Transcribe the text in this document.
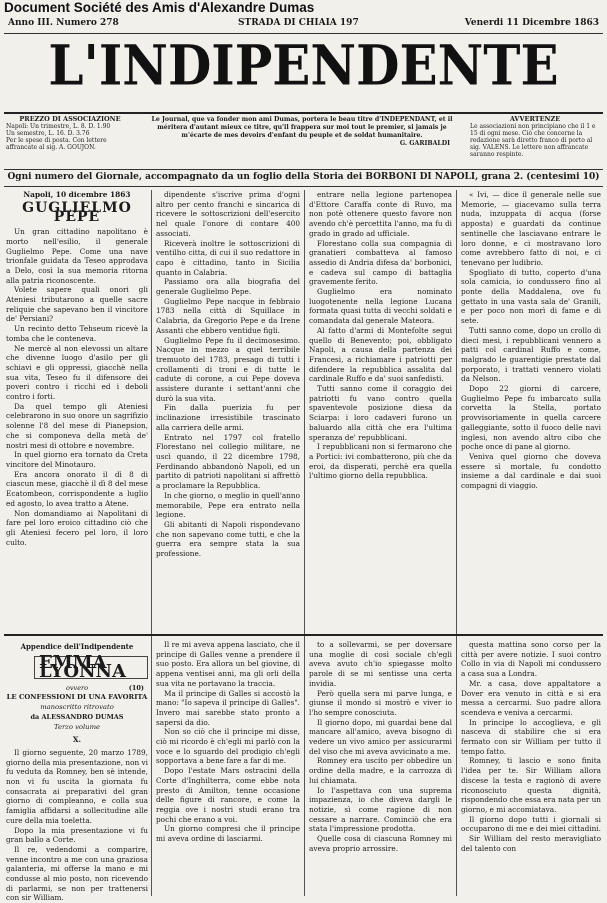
Document Société des Amis d'Alexandre Dumas
Anno III. Numero 278	STRADA DI CHIAIA 197	Venerdi 11 Dicembre 1863
L'INDIPENDENTE
PREZZO DI ASSOCIAZIONE
Napoli: Un trimestre, L. 8. D. 1.90
Un semestre, L. 16. D. 3.76
Per le spese di posta. Con lettere affrancate al sig. A. GOUJON.
Le Journal, que va fonder mon ami Dumas, portera le beau titre d'INDEPENDANT, et il méritera d'autant mieux ce titre, qu'il frappera sur moi tout le premier, si jamais je m'écarte de mes devoirs d'enfant du peuple et de soldat humanitaire.
G. GARIBALDI
AVVERTENZE
Le associazioni non principiano che il 1 e 15 di ogni mese. Ciò che concerne la redazione sarà diretto franco di porto al sig. VALENS. Le lettere non affrancate saranno respinte.
Ogni numero del Giornale, accompagnato da un foglio della Storia dei BORBONI DI NAPOLI, grana 2. (centesimi 10)
Napoli, 10 dicembre 1863
GUGLIELMO PEPE

Un gran cittadino napolitano è morto nell'esilio, il generale Guglielmo Pepe. Come una nave trionfale guidata da Teseo approdava a Delo, così la sua memoria ritorna alla patria riconoscente.

Volete sapere quali onori gli Ateniesi tributarono a quelle sacre reliquie che sapevano ben il vincitore de' Persiani?

Un recinto detto Tehseum ricevè la tomba che le conteneva.

Ne mercè al non elevossi un altare che divenne luogo d'asilo per gli schiavi e gli oppressi, giacchè nella sua vita, Teseo fu il difensore dei poveri contro i ricchi ed i deboli contro i forti.

Da quel tempo gli Ateniesi celebrarono in suo onore un sagrifizio solenne l'8 del mese di Pianepsion, che si componeva della metà de' nostri mesi di ottobre e novembre.

In quel giorno era tornato da Creta vincitore del Minotauro.

Era ancora onorato il dì 8 di ciascun mese, giacchè il dì 8 del mese Ecatombeon, corrispondente a luglio ed agosto, lo avea tratto a Atene.

Non domandiamo ai Napolitani di fare pel loro eroico cittadino ciò che gli Ateniesi fecero pel loro, il loro culto.

dipendente s'iscrive prima d'ogni altro per cento franchi e sincarica di ricevere le sottoscrizioni dell'esercito nel quale l'onore di contare 400 associati.

Riceverà inoltre le sottoscrizioni di ventilho citta, di cui il suo redattore in capo è cittadino, tanto in Sicilia quanto in Calabria.

Passiamo ora alla biografia del generale Guglielmo Pepe.

Guglielmo Pepe nacque in febbraio 1783 nella città di Squillace in Calabria, da Gregorio Pepe e da Irene Assanti che ebbero ventidue figli.

Guglielmo Pepe fu il decimosesimo. Nacque in mezzo a quel terribile tremuoto del 1783, presago di tutti i crollamenti di troni e di tutte le cadute di corone, a cui Pepe doveva assistere durante i settant'anni che durò la sua vita.

Fin dalla puerizia fu per inclinazione irresistibile trascinato alla carriera delle armi.

Entrato nel 1797 col fratello Florestano nel collegio militare, ne uscì quando, il 22 dicembre 1798, Ferdinando abbandonò Napoli, ed un partito di patrioti napolitani si affrettò a proclamare la Repubblica.

In che giorno, o meglio in quell'anno memorabile, Pepe era entrato nella legione.

Gli abitanti di Napoli rispondevano che non sapevano come tutti, e che la guerra era sempre stata la sua professione.

entrare nella legione partenopea d'Ettore Caraffa conte di Ruvo, ma non potè ottenere questo favore non avendo ch'è percettita l'anno, ma fu di grado in grado ad ufficiale.

Florestano colla sua compagnia di granatieri combatteva al famoso assedio di Andria difesa da' borbonici, e cadeva sul campo di battaglia gravemente ferito.

Guglielmo era nominato luogotenente nella legione Lucana formata quasi tutta di vecchi soldati e comandata dal generale Mateora.

Al fatto d'armi di Montefolte segui quello di Benevento; poi, obbligato Napoli, a causa della partenza dei Francesi, a richiamare i patriotti per difendere la repubblica assalita dal cardinale Ruffo e da' suoi sanfedisti.

Tutti sanno come il coraggio dei patriotti fu vano contro quella spaventevole posizione diesa da Sciarpa: i loro cadaveri furono un baluardo alla città che era l'ultima speranza de' repubblicani.

I repubblicani non si fermarono che a Portici: ivi combatterono, più che da eroi, da disperati, perchè era quella l'ultimo giorno della repubblica.

« Ivi, — dice il generale nelle sue Memorie, — giacevamo sulla terra nuda, inzuppata di acqua (forse apposta) e guardati da continue sentinelle che lasciavano entrare le loro donne, e ci mostravano loro come avrebbero fatto di noi, e ci tenevano per ludibrio.

Spogliato di tutto, coperto d'una sola camicia, io condussero fino al ponte della Maddalena, ove fu gettato in una vasta sala de' Granili, e per poco non morì di fame e di sete.

Tutti sanno come, dopo un crollo di dieci mesi, i repubblicani vennero a patti col cardinal Ruffo e come, malgrado le guarentigie prestate dal porporato, i trattati vennero violati da Nelson.

Dopo 22 giorni di carcere, Guglielmo Pepe fu imbarcato sulla corvetta la Stella, portato provvisoriamente in quella carcere galleggiante, sotto il fuoco delle navi inglesi, non avendo altro cibo che poche once di pane al giorno.

Veniva quel giorno che doveva essere sì mortale, fu condotto insieme a dal cardinale e dai suoi compagni di viaggio.

Appendice dell'Indipendente
EMMA LYONNA
ovvero	(10)
LE CONFESSIONI DI UNA FAVORITA
manoscritto ritrovato
da ALESSANDRO DUMAS
Terzo volume
X.

Il giorno seguente, 20 marzo 1789, giorno della mia presentazione, non vi fu veduta da Romney, ben sè intende, non vi fu uscita la giornata fu consacrata ai preparativi del gran giorno di compleanno, e colla sua famiglia affidarsi a sollecitudine alle cure della mia toeletta.

Dopo la mia presentazione vi fu gran ballo a Corte.

Il re, vedendomi a comparire, venne incontro a me con una graziosa galanteria, mi offerse la mano e mi condusse al mio posto, non ricevendo di parlarmi, se non per trattenersi con sir William.

Il re mi aveva appena lasciato, che il principe di Galles venne a prendere il suo posto. Era allora un bel giovine, di appena ventisei anni, ma gli orli della sua vita ne portavano la traccia.

Ma il principe di Galles si accostò la mano: "Io sapeva il principe di Galles". Invero mai sarebbe stato pronto a sapersi da dio.

Non so ciò che il principe mi disse, ciò mi ricordo è ch'egli mi parlò con la voce e lo sguardo del prodigio ch'egli sopportava a bene fare a far di me.

Dopo l'estate Mars ostracini della Corte d'Inghilterra, come ebbe nota presto di Amilton, tenne occasione delle figure di rancore, e come la reggia ove i nostri studi erano tra pochi che erano a voi.

Un giorno compresi che il principe mi aveva ordine di lasciarmi.

to a sollevarmi, se per doversare una moglie di così sociale ch'egli aveva avuto ch'io spiegasse molto parole di se mi sentisse una certa invidia.

Però quella sera mi parve lunga, e giunse il mondo si mostrò e viver io l'ho sempre conosciuta.

Il giorno dopo, mi guardai bene dal mancare all'amico, aveva bisogno di vedere un vivo amico per assicurarmi del viso che mi aveva avvicinato a me.

Romney era uscito per obbedire un ordine della madre, e la carrozza di lui chiamata.

Io l'aspettava con una suprema impazienza, io che diveva dargli le notizie, sì come ragione di non cessare a narrare. Cominciò che era stata l'impressione prodotta.

Quelle cosa di ciascuna Romney mi aveva proprio arrossire.

questa mattina sono corso per la città per avere notizie. I suoi contro Collo in via di Napoli mi condussero a casa sua a Londra.

Mr. a casa, dove appaltatore a Dover era venuto in città e si era messa a cercarmi. Suo padre allora scendeva e veniva a cercarmi.

In principe lo accoglieva, e gli nasceva di stabilire che si era fermato con sir William per tutto il tempo fatto.

Romney, ti lascio e sono finita l'idea per te. Sir William allora discese la testa e ragionò di avere riconosciuto questa dignità, rispondendo che essa era nata per un giorno, e mi accomiatava.

Il giorno dopo tutti i giornali si occuparono di me e dei miei cittadini.

Sir William del resto meravigliato del talento con
